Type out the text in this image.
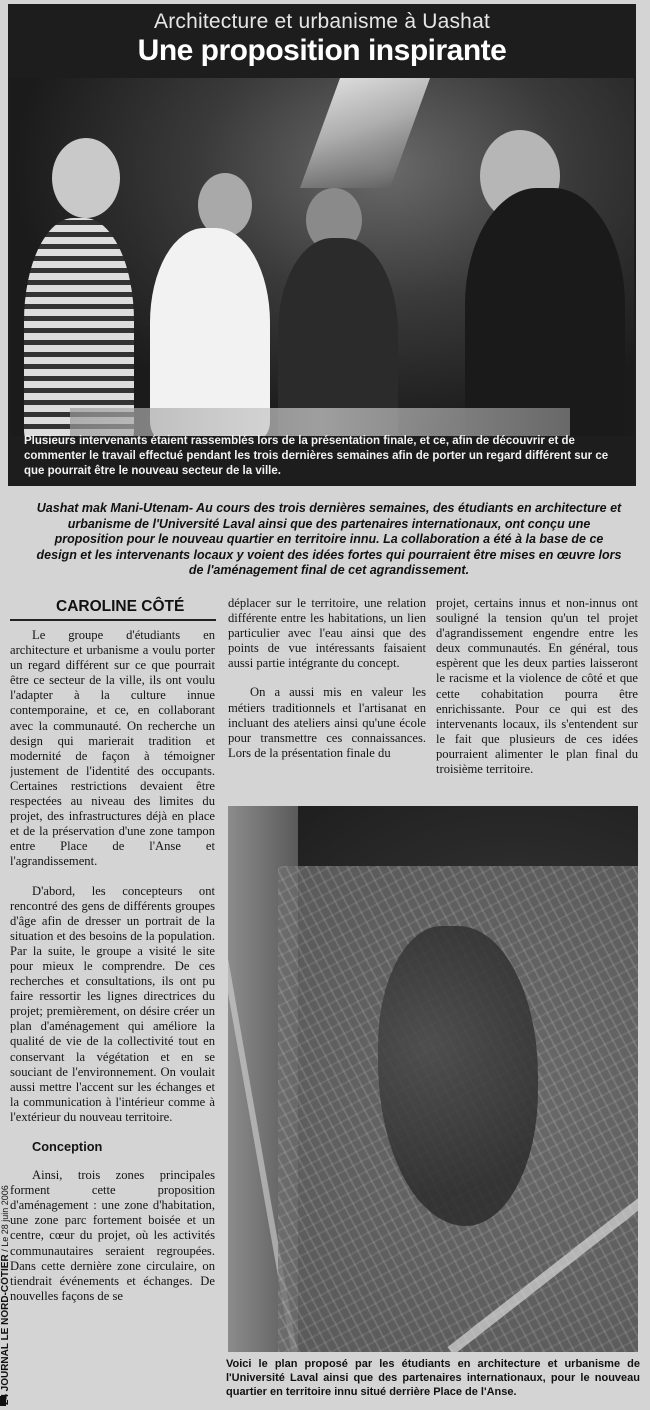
Architecture et urbanisme à Uashat
Une proposition inspirante
Plusieurs intervenants étaient rassemblés lors de la présentation finale, et ce, afin de découvrir et de commenter le travail effectué pendant les trois dernières semaines afin de porter un regard différent sur ce que pourrait être le nouveau secteur de la ville.
Uashat mak Mani-Utenam- Au cours des trois dernières semaines, des étudiants en architecture et urbanisme de l'Université Laval ainsi que des partenaires internationaux, ont conçu une proposition pour le nouveau quartier en territoire innu. La collaboration a été à la base de ce design et les intervenants locaux y voient des idées fortes qui pourraient être mises en œuvre lors de l'aménagement final de cet agrandissement.
CAROLINE CÔTÉ

Le groupe d'étudiants en architecture et urbanisme a voulu porter un regard différent sur ce que pourrait être ce secteur de la ville, ils ont voulu l'adapter à la culture innue contemporaine, et ce, en collaborant avec la communauté. On recherche un design qui marierait tradition et modernité de façon à témoigner justement de l'identité des occupants. Certaines restrictions devaient être respectées au niveau des limites du projet, des infrastructures déjà en place et de la préservation d'une zone tampon entre Place de l'Anse et l'agrandissement.

D'abord, les concepteurs ont rencontré des gens de différents groupes d'âge afin de dresser un portrait de la situation et des besoins de la population. Par la suite, le groupe a visité le site pour mieux le comprendre. De ces recherches et consultations, ils ont pu faire ressortir les lignes directrices du projet; premièrement, on désire créer un plan d'aménagement qui améliore la qualité de vie de la collectivité tout en conservant la végétation et en se souciant de l'environnement. On voulait aussi mettre l'accent sur les échanges et la communication à l'intérieur comme à l'extérieur du nouveau territoire.

Conception

Ainsi, trois zones principales forment cette proposition d'aménagement : une zone d'habitation, une zone parc fortement boisée et un centre, cœur du projet, où les activités communautaires seraient regroupées. Dans cette dernière zone circulaire, on tiendrait événements et échanges. De nouvelles façons de se

déplacer sur le territoire, une relation différente entre les habitations, un lien particulier avec l'eau ainsi que des points de vue intéressants faisaient aussi partie intégrante du concept.

On a aussi mis en valeur les métiers traditionnels et l'artisanat en incluant des ateliers ainsi qu'une école pour transmettre ces connaissances. Lors de la présentation finale du

projet, certains innus et non-innus ont souligné la tension qu'un tel projet d'agrandissement engendre entre les deux communautés. En général, tous espèrent que les deux parties laisseront le racisme et la violence de côté et que cette cohabitation pourra être enrichissante. Pour ce qui est des intervenants locaux, ils s'entendent sur le fait que plusieurs de ces idées pourraient alimenter le plan final du troisième territoire.

Voici le plan proposé par les étudiants en architecture et urbanisme de l'Université Laval ainsi que des partenaires internationaux, pour le nouveau quartier en territoire innu situé derrière Place de l'Anse.
24 JOURNAL LE NORD-CÔTIER / Le 28 juin 2006
